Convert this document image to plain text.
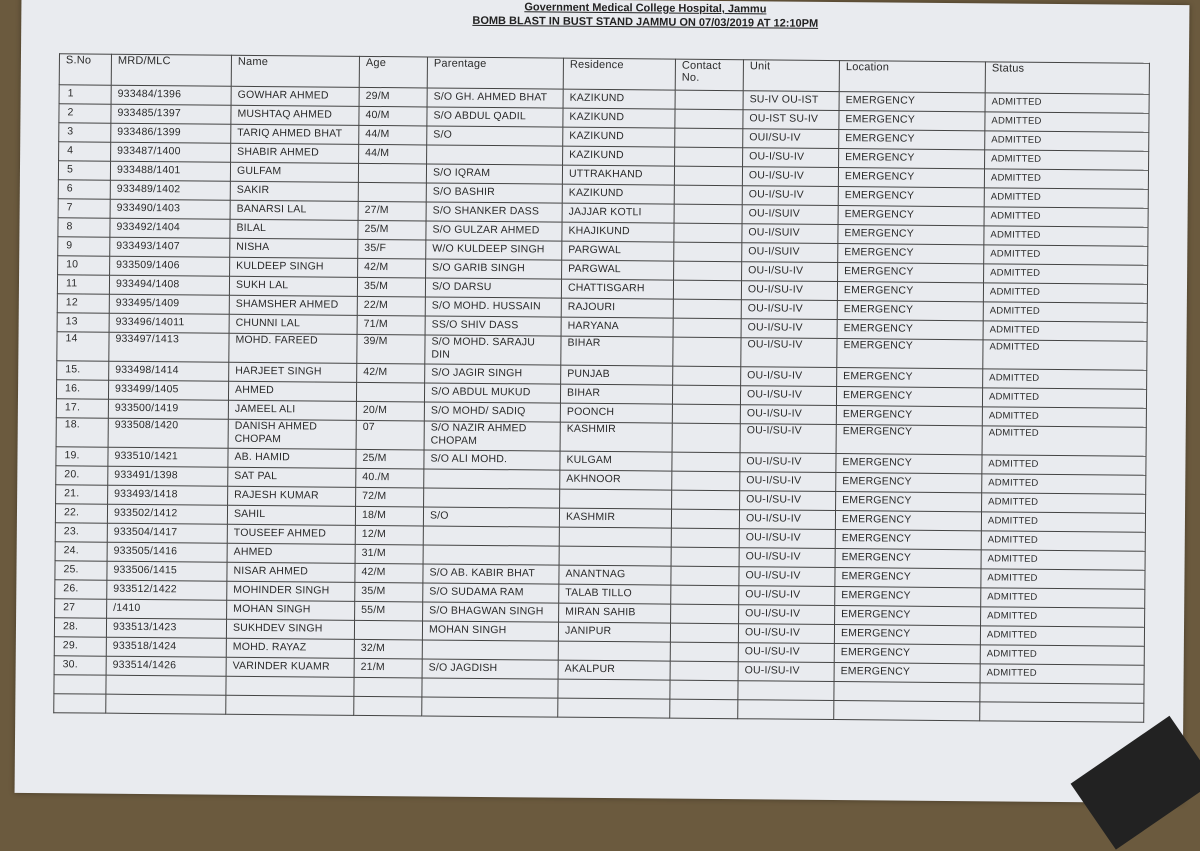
Government Medical College Hospital, Jammu
BOMB BLAST IN BUST STAND JAMMU ON 07/03/2019 AT 12:10PM
S.No	MRD/MLC	Name	Age	Parentage	Residence	Contact No.	Unit	Location	Status
1	933484/1396	GOWHAR AHMED	29/M	S/O GH. AHMED BHAT	KAZIKUND		SU-IV OU-IST	EMERGENCY	ADMITTED
2	933485/1397	MUSHTAQ AHMED	40/M	S/O ABDUL QADIL	KAZIKUND		OU-IST SU-IV	EMERGENCY	ADMITTED
3	933486/1399	TARIQ AHMED BHAT	44/M	S/O	KAZIKUND		OUI/SU-IV	EMERGENCY	ADMITTED
4	933487/1400	SHABIR AHMED	44/M		KAZIKUND		OU-I/SU-IV	EMERGENCY	ADMITTED
5	933488/1401	GULFAM		S/O IQRAM	UTTRAKHAND		OU-I/SU-IV	EMERGENCY	ADMITTED
6	933489/1402	SAKIR		S/O BASHIR	KAZIKUND		OU-I/SU-IV	EMERGENCY	ADMITTED
7	933490/1403	BANARSI LAL	27/M	S/O SHANKER DASS	JAJJAR KOTLI		OU-I/SUIV	EMERGENCY	ADMITTED
8	933492/1404	BILAL	25/M	S/O GULZAR AHMED	KHAJIKUND		OU-I/SUIV	EMERGENCY	ADMITTED
9	933493/1407	NISHA	35/F	W/O KULDEEP SINGH	PARGWAL		OU-I/SUIV	EMERGENCY	ADMITTED
10	933509/1406	KULDEEP SINGH	42/M	S/O GARIB SINGH	PARGWAL		OU-I/SU-IV	EMERGENCY	ADMITTED
11	933494/1408	SUKH LAL	35/M	S/O DARSU	CHATTISGARH		OU-I/SU-IV	EMERGENCY	ADMITTED
12	933495/1409	SHAMSHER AHMED	22/M	S/O MOHD. HUSSAIN	RAJOURI		OU-I/SU-IV	EMERGENCY	ADMITTED
13	933496/14011	CHUNNI LAL	71/M	SS/O SHIV DASS	HARYANA		OU-I/SU-IV	EMERGENCY	ADMITTED
14	933497/1413	MOHD. FAREED	39/M	S/O MOHD. SARAJU DIN	BIHAR		OU-I/SU-IV	EMERGENCY	ADMITTED
15.	933498/1414	HARJEET SINGH	42/M	S/O JAGIR SINGH	PUNJAB		OU-I/SU-IV	EMERGENCY	ADMITTED
16.	933499/1405	AHMED		S/O ABDUL MUKUD	BIHAR		OU-I/SU-IV	EMERGENCY	ADMITTED
17.	933500/1419	JAMEEL ALI	20/M	S/O MOHD/ SADIQ	POONCH		OU-I/SU-IV	EMERGENCY	ADMITTED
18.	933508/1420	DANISH AHMED CHOPAM	07	S/O NAZIR AHMED CHOPAM	KASHMIR		OU-I/SU-IV	EMERGENCY	ADMITTED
19.	933510/1421	AB. HAMID	25/M	S/O ALI MOHD.	KULGAM		OU-I/SU-IV	EMERGENCY	ADMITTED
20.	933491/1398	SAT PAL	40./M		AKHNOOR		OU-I/SU-IV	EMERGENCY	ADMITTED
21.	933493/1418	RAJESH KUMAR	72/M				OU-I/SU-IV	EMERGENCY	ADMITTED
22.	933502/1412	SAHIL	18/M	S/O	KASHMIR		OU-I/SU-IV	EMERGENCY	ADMITTED
23.	933504/1417	TOUSEEF AHMED	12/M				OU-I/SU-IV	EMERGENCY	ADMITTED
24.	933505/1416	AHMED	31/M				OU-I/SU-IV	EMERGENCY	ADMITTED
25.	933506/1415	NISAR AHMED	42/M	S/O AB. KABIR BHAT	ANANTNAG		OU-I/SU-IV	EMERGENCY	ADMITTED
26.	933512/1422	MOHINDER SINGH	35/M	S/O SUDAMA RAM	TALAB TILLO		OU-I/SU-IV	EMERGENCY	ADMITTED
27	/1410	MOHAN SINGH	55/M	S/O BHAGWAN SINGH	MIRAN SAHIB		OU-I/SU-IV	EMERGENCY	ADMITTED
28.	933513/1423	SUKHDEV SINGH		MOHAN SINGH	JANIPUR		OU-I/SU-IV	EMERGENCY	ADMITTED
29.	933518/1424	MOHD. RAYAZ	32/M				OU-I/SU-IV	EMERGENCY	ADMITTED
30.	933514/1426	VARINDER KUAMR	21/M	S/O JAGDISH	AKALPUR		OU-I/SU-IV	EMERGENCY	ADMITTED
